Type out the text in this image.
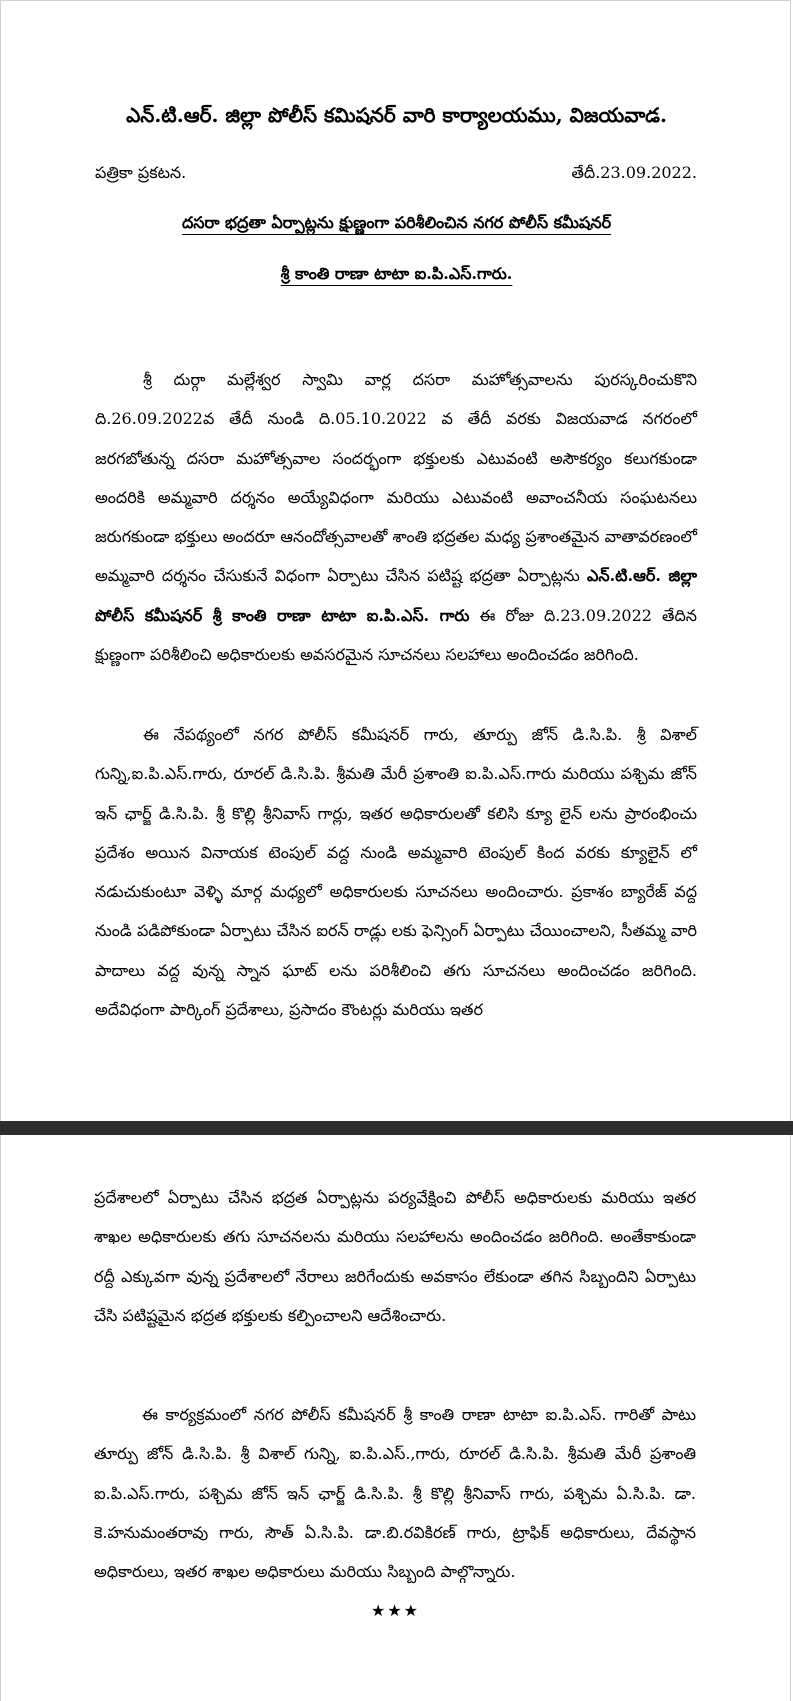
ఎన్.టి.ఆర్. జిల్లా పోలీస్ కమిషనర్ వారి కార్యాలయము, విజయవాడ.
పత్రికా ప్రకటన.	తేదీ.23.09.2022.
దసరా భద్రతా ఏర్పాట్లను క్షుణ్ణంగా పరిశీలించిన నగర పోలీస్ కమీషనర్
శ్రీ కాంతి రాణా టాటా ఐ.పి.ఎస్.గారు.

శ్రీ దుర్గా మల్లేశ్వర స్వామి వార్ల దసరా మహోత్సవాలను పురస్కరించుకొని ది.26.09.2022వ తేదీ నుండి ది.05.10.2022 వ తేదీ వరకు విజయవాడ నగరంలో జరగబోతున్న దసరా మహోత్సవాల సందర్భంగా భక్తులకు ఎటువంటి అసౌకర్యం కలుగకుండా అందరికి అమ్మవారి దర్శనం అయ్యేవిధంగా మరియు ఎటువంటి అవాంచనీయ సంఘటనలు జరుగకుండా భక్తులు అందరూ ఆనందోత్సవాలతో శాంతి భద్రతల మధ్య ప్రశాంతమైన వాతావరణంలో అమ్మవారి దర్శనం చేసుకునే విధంగా ఏర్పాటు చేసిన పటిష్ట భద్రతా ఏర్పాట్లను ఎన్.టి.ఆర్. జిల్లా పోలీస్ కమీషనర్ శ్రీ కాంతి రాణా టాటా ఐ.పి.ఎస్. గారు ఈ రోజు ది.23.09.2022 తేదిన క్షుణ్ణంగా పరిశీలించి అధికారులకు అవసరమైన సూచనలు సలహాలు అందించడం జరిగింది.

ఈ నేపథ్యంలో నగర పోలీస్ కమీషనర్ గారు, తూర్పు జోన్ డి.సి.పి. శ్రీ విశాల్ గున్ని,ఐ.పి.ఎస్.గారు, రూరల్ డి.సి.పి. శ్రీమతి మేరీ ప్రశాంతి ఐ.పి.ఎస్.గారు మరియు పశ్చిమ జోన్ ఇన్ ఛార్జ్ డి.సి.పి. శ్రీ కొల్లి శ్రీనివాస్ గార్లు, ఇతర అధికారులతో కలిసి క్యూ లైన్ లను ప్రారంభించు ప్రదేశం అయిన వినాయక టెంపుల్ వద్ద నుండి అమ్మవారి టెంపుల్ కింద వరకు క్యూలైన్ లో నడుచుకుంటూ వెళ్ళి మార్గ మధ్యలో అధికారులకు సూచనలు అందించారు. ప్రకాశం బ్యారేజ్ వద్ద నుండి పడిపోకుండా ఏర్పాటు చేసిన ఐరన్ రాడ్లు లకు ఫెన్సింగ్ ఏర్పాటు చేయించాలని, సీతమ్మ వారి పాదాలు వద్ద వున్న స్నాన ఘాట్ లను పరిశీలించి తగు సూచనలు అందించడం జరిగింది. అదేవిధంగా పార్కింగ్ ప్రదేశాలు, ప్రసాదం కౌంటర్లు మరియు ఇతర

ప్రదేశాలలో ఏర్పాటు చేసిన భద్రత ఏర్పాట్లను పర్యవేక్షించి పోలీస్ అధికారులకు మరియు ఇతర శాఖల అధికారులకు తగు సూచనలను మరియు సలహాలను అందించడం జరిగింది. అంతేకాకుండా రద్దీ ఎక్కువగా వున్న ప్రదేశాలలో నేరాలు జరిగేందుకు అవకాసం లేకుండా తగిన సిబ్బందిని ఏర్పాటు చేసి పటిష్టమైన భద్రత భక్తులకు కల్పించాలని ఆదేశించారు.

ఈ కార్యక్రమంలో నగర పోలీస్ కమీషనర్ శ్రీ కాంతి రాణా టాటా ఐ.పి.ఎస్. గారితో పాటు తూర్పు జోన్ డి.సి.పి. శ్రీ విశాల్ గున్ని, ఐ.పి.ఎస్.,గారు, రూరల్ డి.సి.పి. శ్రీమతి మేరీ ప్రశాంతి ఐ.పి.ఎస్.గారు, పశ్చిమ జోన్ ఇన్ ఛార్జ్ డి.సి.పి. శ్రీ కొల్లి శ్రీనివాస్ గారు, పశ్చిమ ఏ.సి.పి. డా. కె.హనుమంతరావు గారు, సౌత్ ఏ.సి.పి. డా.బి.రవికిరణ్ గారు, ట్రాఫిక్ అధికారులు, దేవస్థాన అధికారులు, ఇతర శాఖల అధికారులు మరియు సిబ్బంది పాల్గొన్నారు.

★★★
